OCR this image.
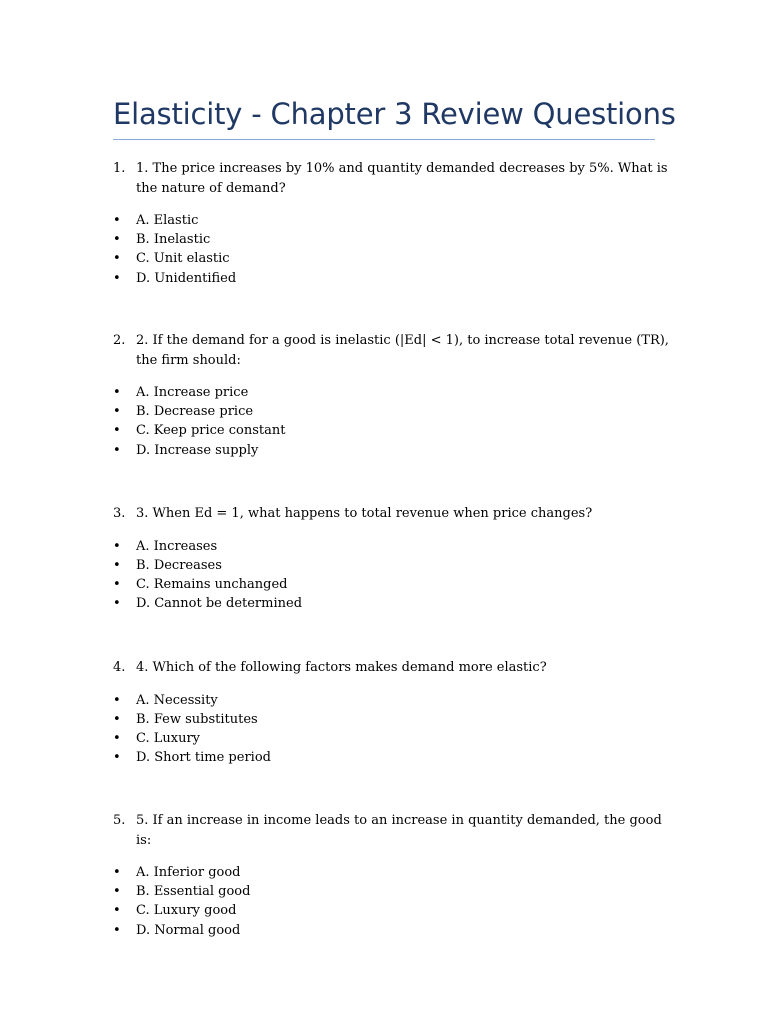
Elasticity - Chapter 3 Review Questions
1. 1. The price increases by 10% and quantity demanded decreases by 5%. What is the nature of demand?
• A. Elastic
• B. Inelastic
• C. Unit elastic
• D. Unidentified
2. 2. If the demand for a good is inelastic (|Ed| < 1), to increase total revenue (TR), the firm should:
• A. Increase price
• B. Decrease price
• C. Keep price constant
• D. Increase supply
3. 3. When Ed = 1, what happens to total revenue when price changes?
• A. Increases
• B. Decreases
• C. Remains unchanged
• D. Cannot be determined
4. 4. Which of the following factors makes demand more elastic?
• A. Necessity
• B. Few substitutes
• C. Luxury
• D. Short time period
5. 5. If an increase in income leads to an increase in quantity demanded, the good is:
• A. Inferior good
• B. Essential good
• C. Luxury good
• D. Normal good
